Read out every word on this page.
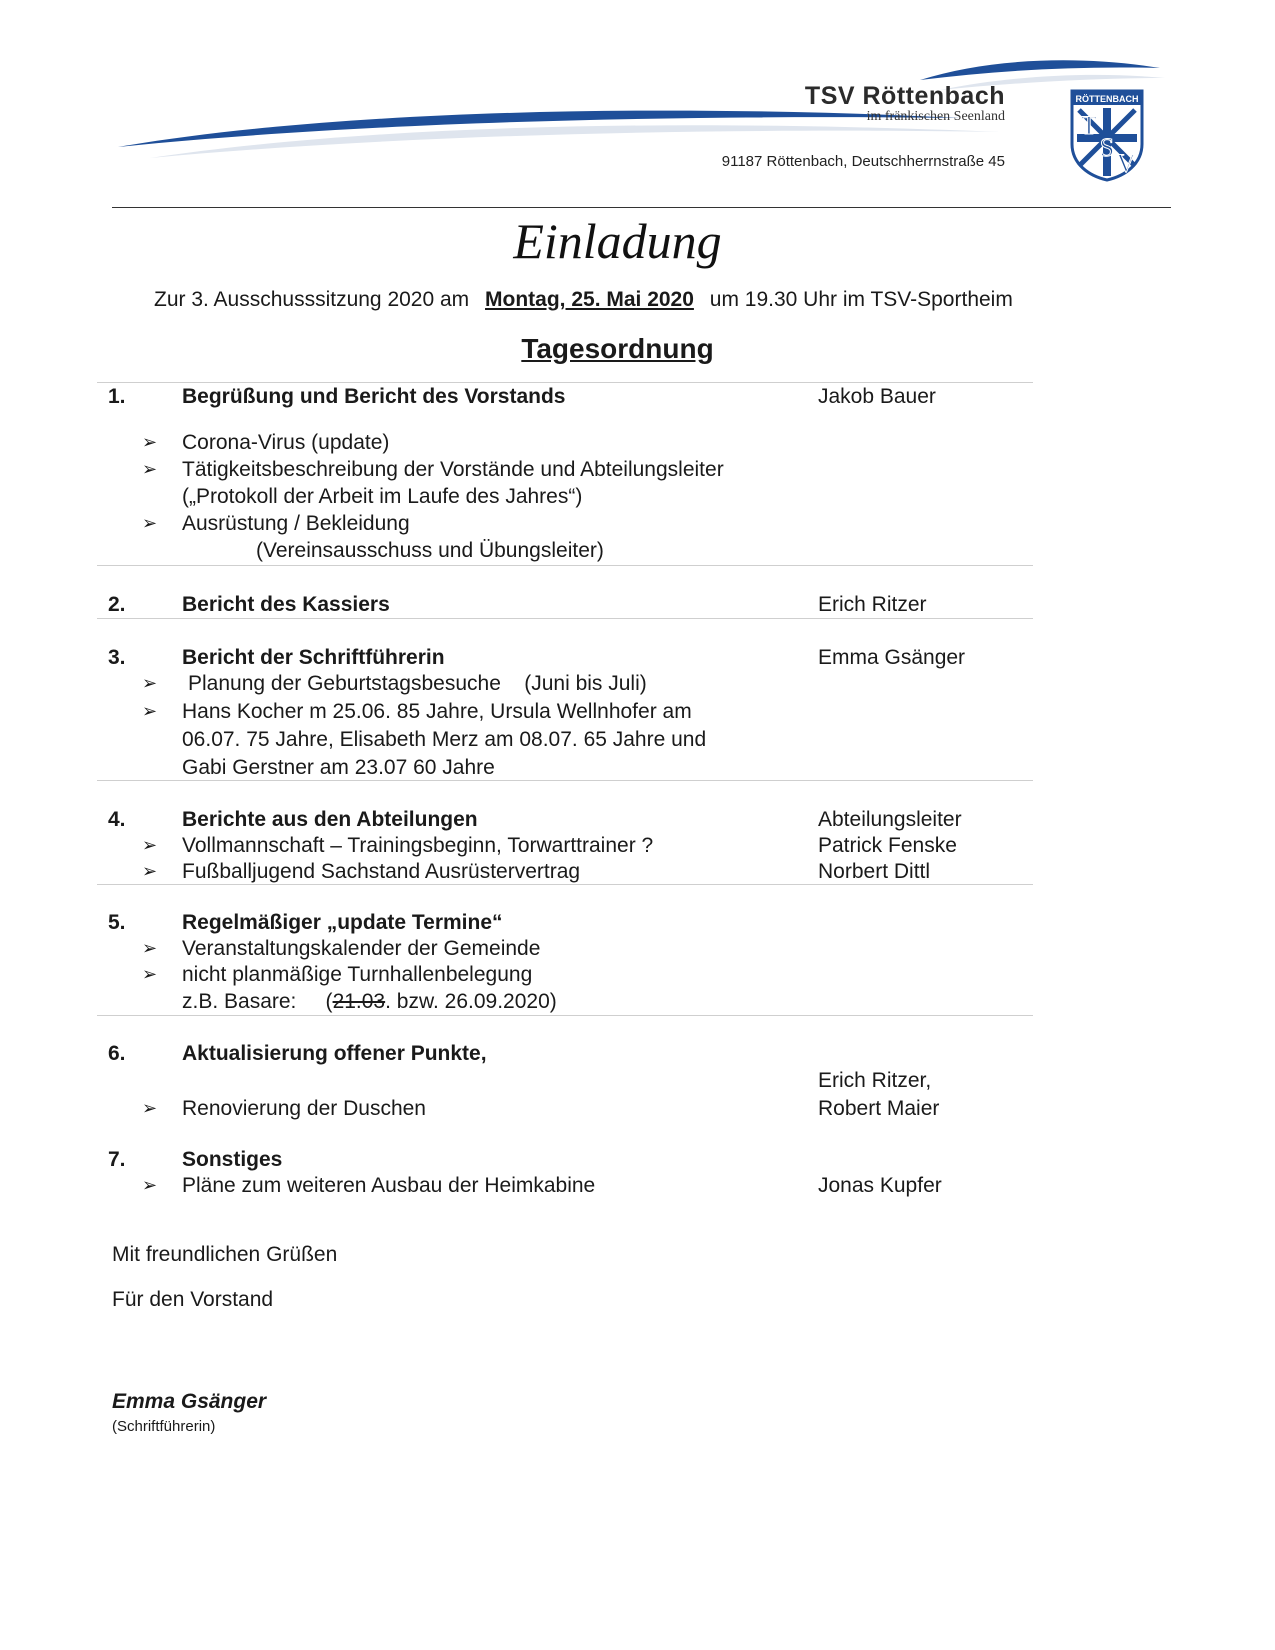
TSV Röttenbach
im fränkischen Seenland
91187 Röttenbach, Deutschherrnstraße 45
RÖTTENBACH
T
S
V
Einladung
Zur 3. Ausschusssitzung 2020 am Montag, 25. Mai 2020 um 19.30 Uhr im TSV-Sportheim
Tagesordnung
1.	Begrüßung und Bericht des Vorstands	Jakob Bauer
➢ Corona-Virus (update)
➢ Tätigkeitsbeschreibung der Vorstände und Abteilungsleiter
(„Protokoll der Arbeit im Laufe des Jahres“)
➢ Ausrüstung / Bekleidung
(Vereinsausschuss und Übungsleiter)
2.	Bericht des Kassiers	Erich Ritzer
3.	Bericht der Schriftführerin	Emma Gsänger
➢ Planung der Geburtstagsbesuche    (Juni bis Juli)
➢ Hans Kocher m 25.06. 85 Jahre, Ursula Wellnhofer am
06.07. 75 Jahre, Elisabeth Merz am 08.07. 65 Jahre und
Gabi Gerstner am 23.07 60 Jahre
4.	Berichte aus den Abteilungen	Abteilungsleiter
➢ Vollmannschaft – Trainingsbeginn, Torwarttrainer ?	Patrick Fenske
➢ Fußballjugend Sachstand Ausrüstervertrag	Norbert Dittl
5.	Regelmäßiger „update Termine“
➢ Veranstaltungskalender der Gemeinde
➢ nicht planmäßige Turnhallenbelegung
z.B. Basare:     (21.03. bzw. 26.09.2020)
6.	Aktualisierung offener Punkte,
Erich Ritzer,
➢ Renovierung der Duschen	Robert Maier
7.	Sonstiges
➢ Pläne zum weiteren Ausbau der Heimkabine	Jonas Kupfer
Mit freundlichen Grüßen
Für den Vorstand
Emma Gsänger
(Schriftführerin)
